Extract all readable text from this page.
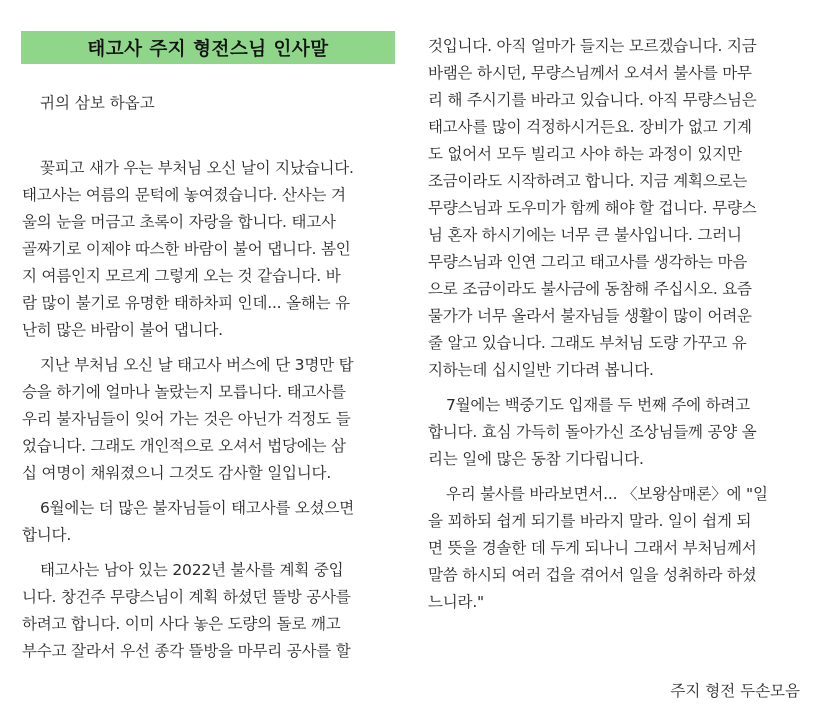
태고사 주지 형전스님 인사말
귀의 삼보 하옵고
꽃피고 새가 우는 부처님 오신 날이 지났습니다.
태고사는 여름의 문턱에 놓여졌습니다. 산사는 겨
울의 눈을 머금고 초록이 자랑을 합니다. 태고사
골짜기로 이제야 따스한 바람이 불어 댑니다. 봄인
지 여름인지 모르게 그렇게 오는 것 같습니다. 바
람 많이 불기로 유명한 태하차피 인데... 올해는 유
난히 많은 바람이 불어 댑니다.
지난 부처님 오신 날 태고사 버스에 단 3명만 탑
승을 하기에 얼마나 놀랐는지 모릅니다. 태고사를
우리 불자님들이 잊어 가는 것은 아닌가 걱정도 들
었습니다. 그래도 개인적으로 오셔서 법당에는 삼
십 여명이 채워졌으니 그것도 감사할 일입니다.
6월에는 더 많은 불자님들이 태고사를 오셨으면
합니다.
태고사는 남아 있는 2022년 불사를 계획 중입
니다. 창건주 무량스님이 계획 하셨던 뜰방 공사를
하려고 합니다. 이미 사다 놓은 도량의 돌로 깨고
부수고 잘라서 우선 종각 뜰방을 마무리 공사를 할
것입니다. 아직 얼마가 들지는 모르겠습니다. 지금
바램은 하시던, 무량스님께서 오셔서 불사를 마무
리 해 주시기를 바라고 있습니다. 아직 무량스님은
태고사를 많이 걱정하시거든요. 장비가 없고 기계
도 없어서 모두 빌리고 사야 하는 과정이 있지만
조금이라도 시작하려고 합니다. 지금 계획으로는
무량스님과 도우미가 함께 해야 할 겁니다. 무량스
님 혼자 하시기에는 너무 큰 불사입니다. 그러니
무량스님과 인연 그리고 태고사를 생각하는 마음
으로 조금이라도 불사금에 동참해 주십시오. 요즘
물가가 너무 올라서 불자님들 생활이 많이 어려운
줄 알고 있습니다. 그래도 부처님 도량 가꾸고 유
지하는데 십시일반 기다려 봅니다.
7월에는 백중기도 입재를 두 번째 주에 하려고
합니다. 효심 가득히 돌아가신 조상님들께 공양 올
리는 일에 많은 동참 기다립니다.
우리 불사를 바라보면서... 〈보왕삼매론〉에 "일
을 꾀하되 쉽게 되기를 바라지 말라. 일이 쉽게 되
면 뜻을 경솔한 데 두게 되나니 그래서 부처님께서
말씀 하시되 여러 겁을 겪어서 일을 성취하라 하셨
느니라."
주지 형전 두손모음
